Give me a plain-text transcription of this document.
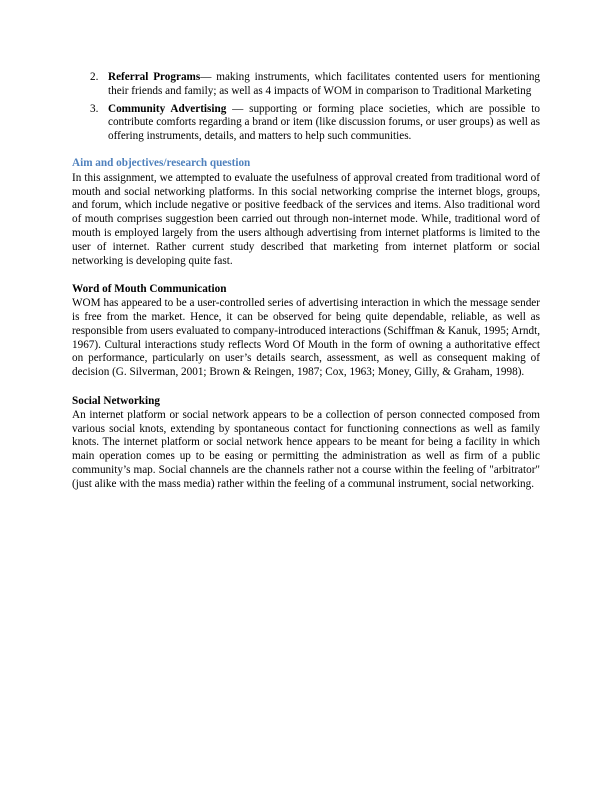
2. Referral Programs— making instruments, which facilitates contented users for mentioning their friends and family; as well as 4 impacts of WOM in comparison to Traditional Marketing
3. Community Advertising — supporting or forming place societies, which are possible to contribute comforts regarding a brand or item (like discussion forums, or user groups) as well as offering instruments, details, and matters to help such communities.
Aim and objectives/research question

In this assignment, we attempted to evaluate the usefulness of approval created from traditional word of mouth and social networking platforms. In this social networking comprise the internet blogs, groups, and forum, which include negative or positive feedback of the services and items. Also traditional word of mouth comprises suggestion been carried out through non-internet mode. While, traditional word of mouth is employed largely from the users although advertising from internet platforms is limited to the user of internet. Rather current study described that marketing from internet platform or social networking is developing quite fast.

Word of Mouth Communication

WOM has appeared to be a user-controlled series of advertising interaction in which the message sender is free from the market. Hence, it can be observed for being quite dependable, reliable, as well as responsible from users evaluated to company-introduced interactions (Schiffman & Kanuk, 1995; Arndt, 1967). Cultural interactions study reflects Word Of Mouth in the form of owning a authoritative effect on performance, particularly on user’s details search, assessment, as well as consequent making of decision (G. Silverman, 2001; Brown & Reingen, 1987; Cox, 1963; Money, Gilly, & Graham, 1998).

Social Networking

An internet platform or social network appears to be a collection of person connected composed from various social knots, extending by spontaneous contact for functioning connections as well as family knots. The internet platform or social network hence appears to be meant for being a facility in which main operation comes up to be easing or permitting the administration as well as firm of a public community’s map. Social channels are the channels rather not a course within the feeling of "arbitrator" (just alike with the mass media) rather within the feeling of a communal instrument, social networking.
